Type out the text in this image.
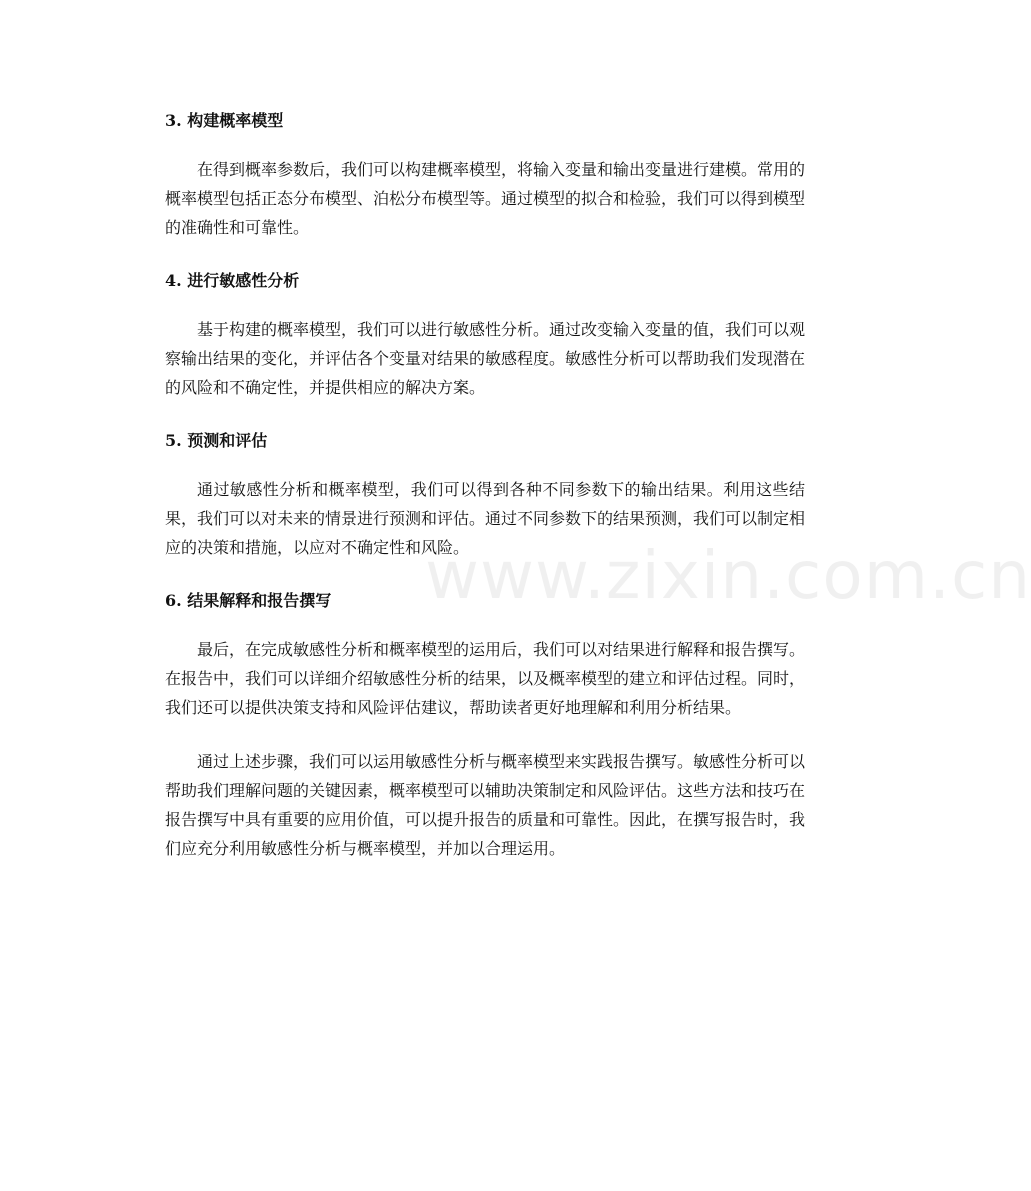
3. 构建概率模型

在得到概率参数后，我们可以构建概率模型，将输入变量和输出变量进行建模。常用的概率模型包括正态分布模型、泊松分布模型等。通过模型的拟合和检验，我们可以得到模型的准确性和可靠性。

4. 进行敏感性分析

基于构建的概率模型，我们可以进行敏感性分析。通过改变输入变量的值，我们可以观察输出结果的变化，并评估各个变量对结果的敏感程度。敏感性分析可以帮助我们发现潜在的风险和不确定性，并提供相应的解决方案。

5. 预测和评估

通过敏感性分析和概率模型，我们可以得到各种不同参数下的输出结果。利用这些结果，我们可以对未来的情景进行预测和评估。通过不同参数下的结果预测，我们可以制定相应的决策和措施，以应对不确定性和风险。

6. 结果解释和报告撰写

最后，在完成敏感性分析和概率模型的运用后，我们可以对结果进行解释和报告撰写。在报告中，我们可以详细介绍敏感性分析的结果，以及概率模型的建立和评估过程。同时，我们还可以提供决策支持和风险评估建议，帮助读者更好地理解和利用分析结果。

通过上述步骤，我们可以运用敏感性分析与概率模型来实践报告撰写。敏感性分析可以帮助我们理解问题的关键因素，概率模型可以辅助决策制定和风险评估。这些方法和技巧在报告撰写中具有重要的应用价值，可以提升报告的质量和可靠性。因此，在撰写报告时，我们应充分利用敏感性分析与概率模型，并加以合理运用。

www.zixin.com.cn
